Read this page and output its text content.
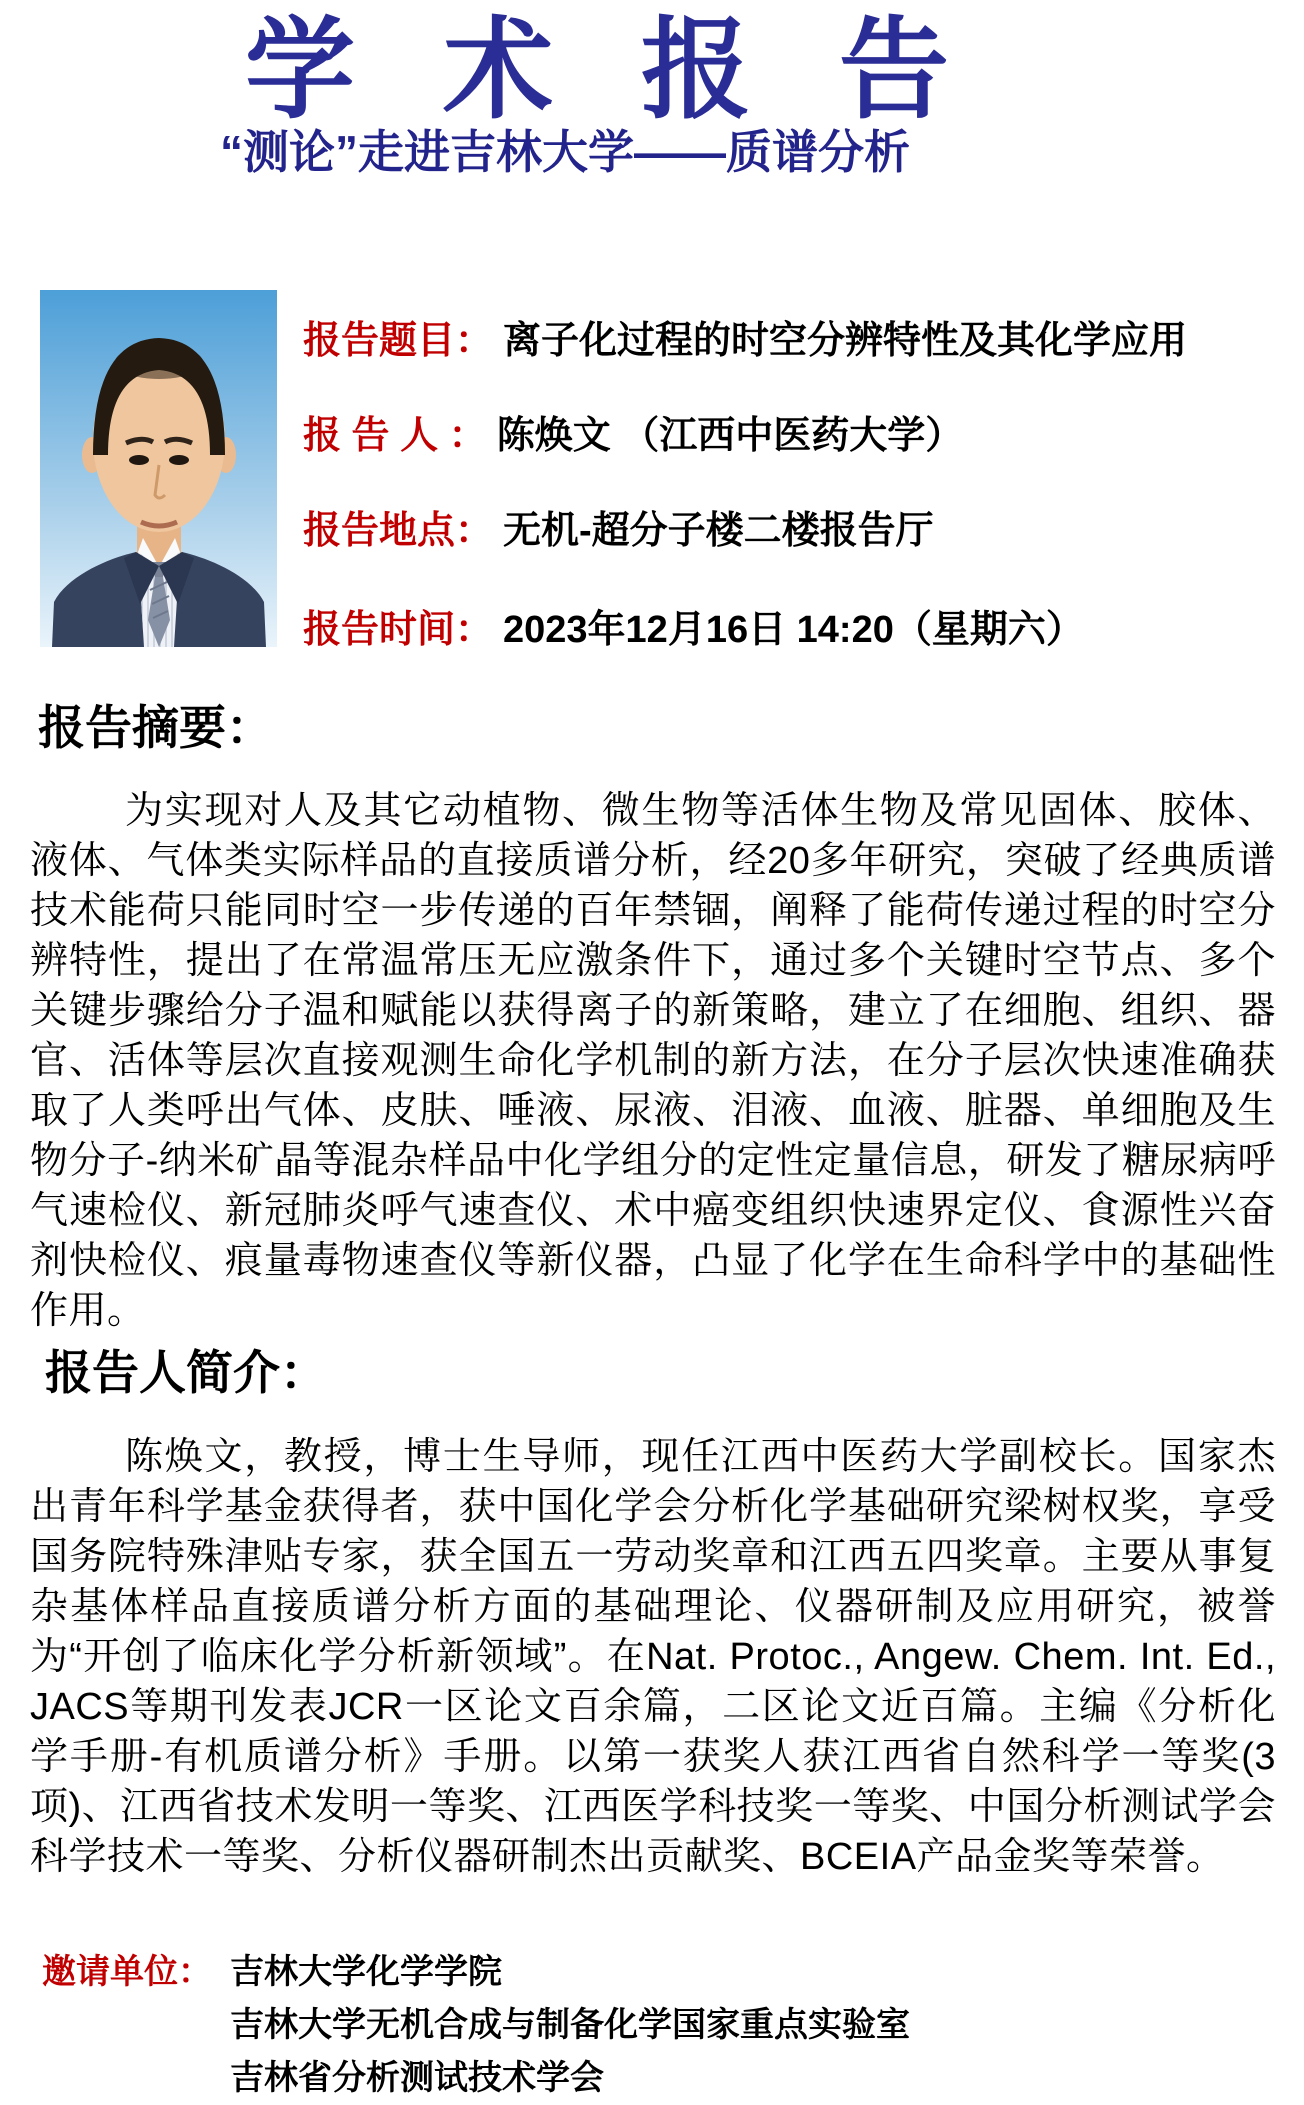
学术报告
“测论”走进吉林大学——质谱分析
报告题目： 离子化过程的时空分辨特性及其化学应用
报 告 人 ： 陈焕文 （江西中医药大学）
报告地点： 无机-超分子楼二楼报告厅
报告时间： 2023年12月16日 14:20（星期六）
报告摘要：
为实现对人及其它动植物、微生物等活体生物及常见固体、胶体、液体、气体类实际样品的直接质谱分析，经20多年研究，突破了经典质谱技术能荷只能同时空一步传递的百年禁锢，阐释了能荷传递过程的时空分辨特性，提出了在常温常压无应激条件下，通过多个关键时空节点、多个关键步骤给分子温和赋能以获得离子的新策略，建立了在细胞、组织、器官、活体等层次直接观测生命化学机制的新方法，在分子层次快速准确获取了人类呼出气体、皮肤、唾液、尿液、泪液、血液、脏器、单细胞及生物分子-纳米矿晶等混杂样品中化学组分的定性定量信息，研发了糖尿病呼气速检仪、新冠肺炎呼气速查仪、术中癌变组织快速界定仪、食源性兴奋剂快检仪、痕量毒物速查仪等新仪器，凸显了化学在生命科学中的基础性作用。
报告人简介：
陈焕文，教授，博士生导师，现任江西中医药大学副校长。国家杰出青年科学基金获得者，获中国化学会分析化学基础研究梁树权奖，享受国务院特殊津贴专家，获全国五一劳动奖章和江西五四奖章。主要从事复杂基体样品直接质谱分析方面的基础理论、仪器研制及应用研究，被誉为“开创了临床化学分析新领域”。在Nat. Protoc., Angew. Chem. Int. Ed., JACS等期刊发表JCR一区论文百余篇，二区论文近百篇。主编《分析化学手册-有机质谱分析》手册。以第一获奖人获江西省自然科学一等奖(3项)、江西省技术发明一等奖、江西医学科技奖一等奖、中国分析测试学会科学技术一等奖、分析仪器研制杰出贡献奖、BCEIA产品金奖等荣誉。
邀请单位： 吉林大学化学学院
吉林大学无机合成与制备化学国家重点实验室
吉林省分析测试技术学会
